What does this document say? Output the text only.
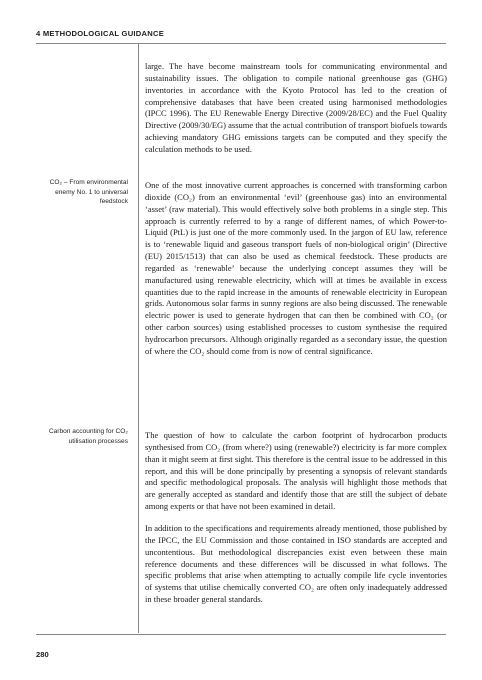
4 METHODOLOGICAL GUIDANCE
CO₂ – From environmental enemy No. 1 to universal feedstock
Carbon accounting for CO₂ utilisation processes

large. The have become mainstream tools for communicating environmental and sustainability issues. The obligation to compile national greenhouse gas (GHG) inventories in accordance with the Kyoto Protocol has led to the creation of comprehensive databases that have been created using harmonised methodologies (IPCC 1996). The EU Renewable Energy Directive (2009/28/EC) and the Fuel Quality Directive (2009/30/EG) assume that the actual contribution of transport biofuels towards achieving mandatory GHG emissions targets can be computed and they specify the calculation methods to be used.

One of the most innovative current approaches is concerned with transforming carbon dioxide (CO₂) from an environmental ‘evil’ (greenhouse gas) into an environmental ‘asset’ (raw material). This would effectively solve both problems in a single step. This approach is currently referred to by a range of different names, of which Power-to-Liquid (PtL) is just one of the more commonly used. In the jargon of EU law, reference is to ‘renewable liquid and gaseous transport fuels of non-biological origin’ (Directive (EU) 2015/1513) that can also be used as chemical feedstock. These products are regarded as ‘renewable’ because the underlying concept assumes they will be manufactured using renewable electricity, which will at times be available in excess quantities due to the rapid increase in the amounts of renewable electricity in European grids. Autonomous solar farms in sunny regions are also being discussed. The renewable electric power is used to generate hydrogen that can then be combined with CO₂ (or other carbon sources) using established processes to custom synthesise the required hydrocarbon precursors. Although originally regarded as a secondary issue, the question of where the CO₂ should come from is now of central significance.

The question of how to calculate the carbon footprint of hydrocarbon products synthesised from CO₂ (from where?) using (renewable?) electricity is far more complex than it might seem at first sight. This therefore is the central issue to be addressed in this report, and this will be done principally by presenting a synopsis of relevant standards and specific methodological proposals. The analysis will highlight those methods that are generally accepted as standard and identify those that are still the subject of debate among experts or that have not been examined in detail.

In addition to the specifications and requirements already mentioned, those published by the IPCC, the EU Commission and those contained in ISO standards are accepted and uncontentious. But methodological discrepancies exist even between these main reference documents and these differences will be discussed in what follows. The specific problems that arise when attempting to actually compile life cycle inventories of systems that utilise chemically converted CO₂ are often only inadequately addressed in these broader general standards.

280
